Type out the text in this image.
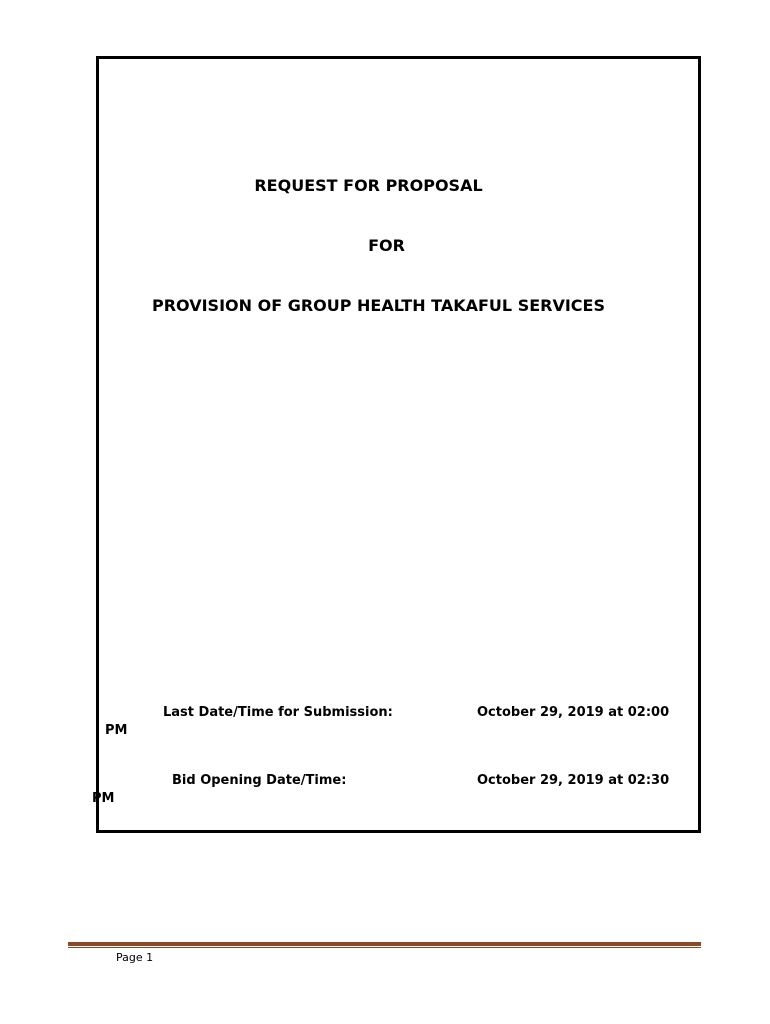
REQUEST FOR PROPOSAL
FOR
PROVISION OF GROUP HEALTH TAKAFUL SERVICES
Last Date/Time for Submission:	October 29, 2019 at 02:00
PM
Bid Opening Date/Time:	October 29, 2019 at 02:30
PM
Page 1
